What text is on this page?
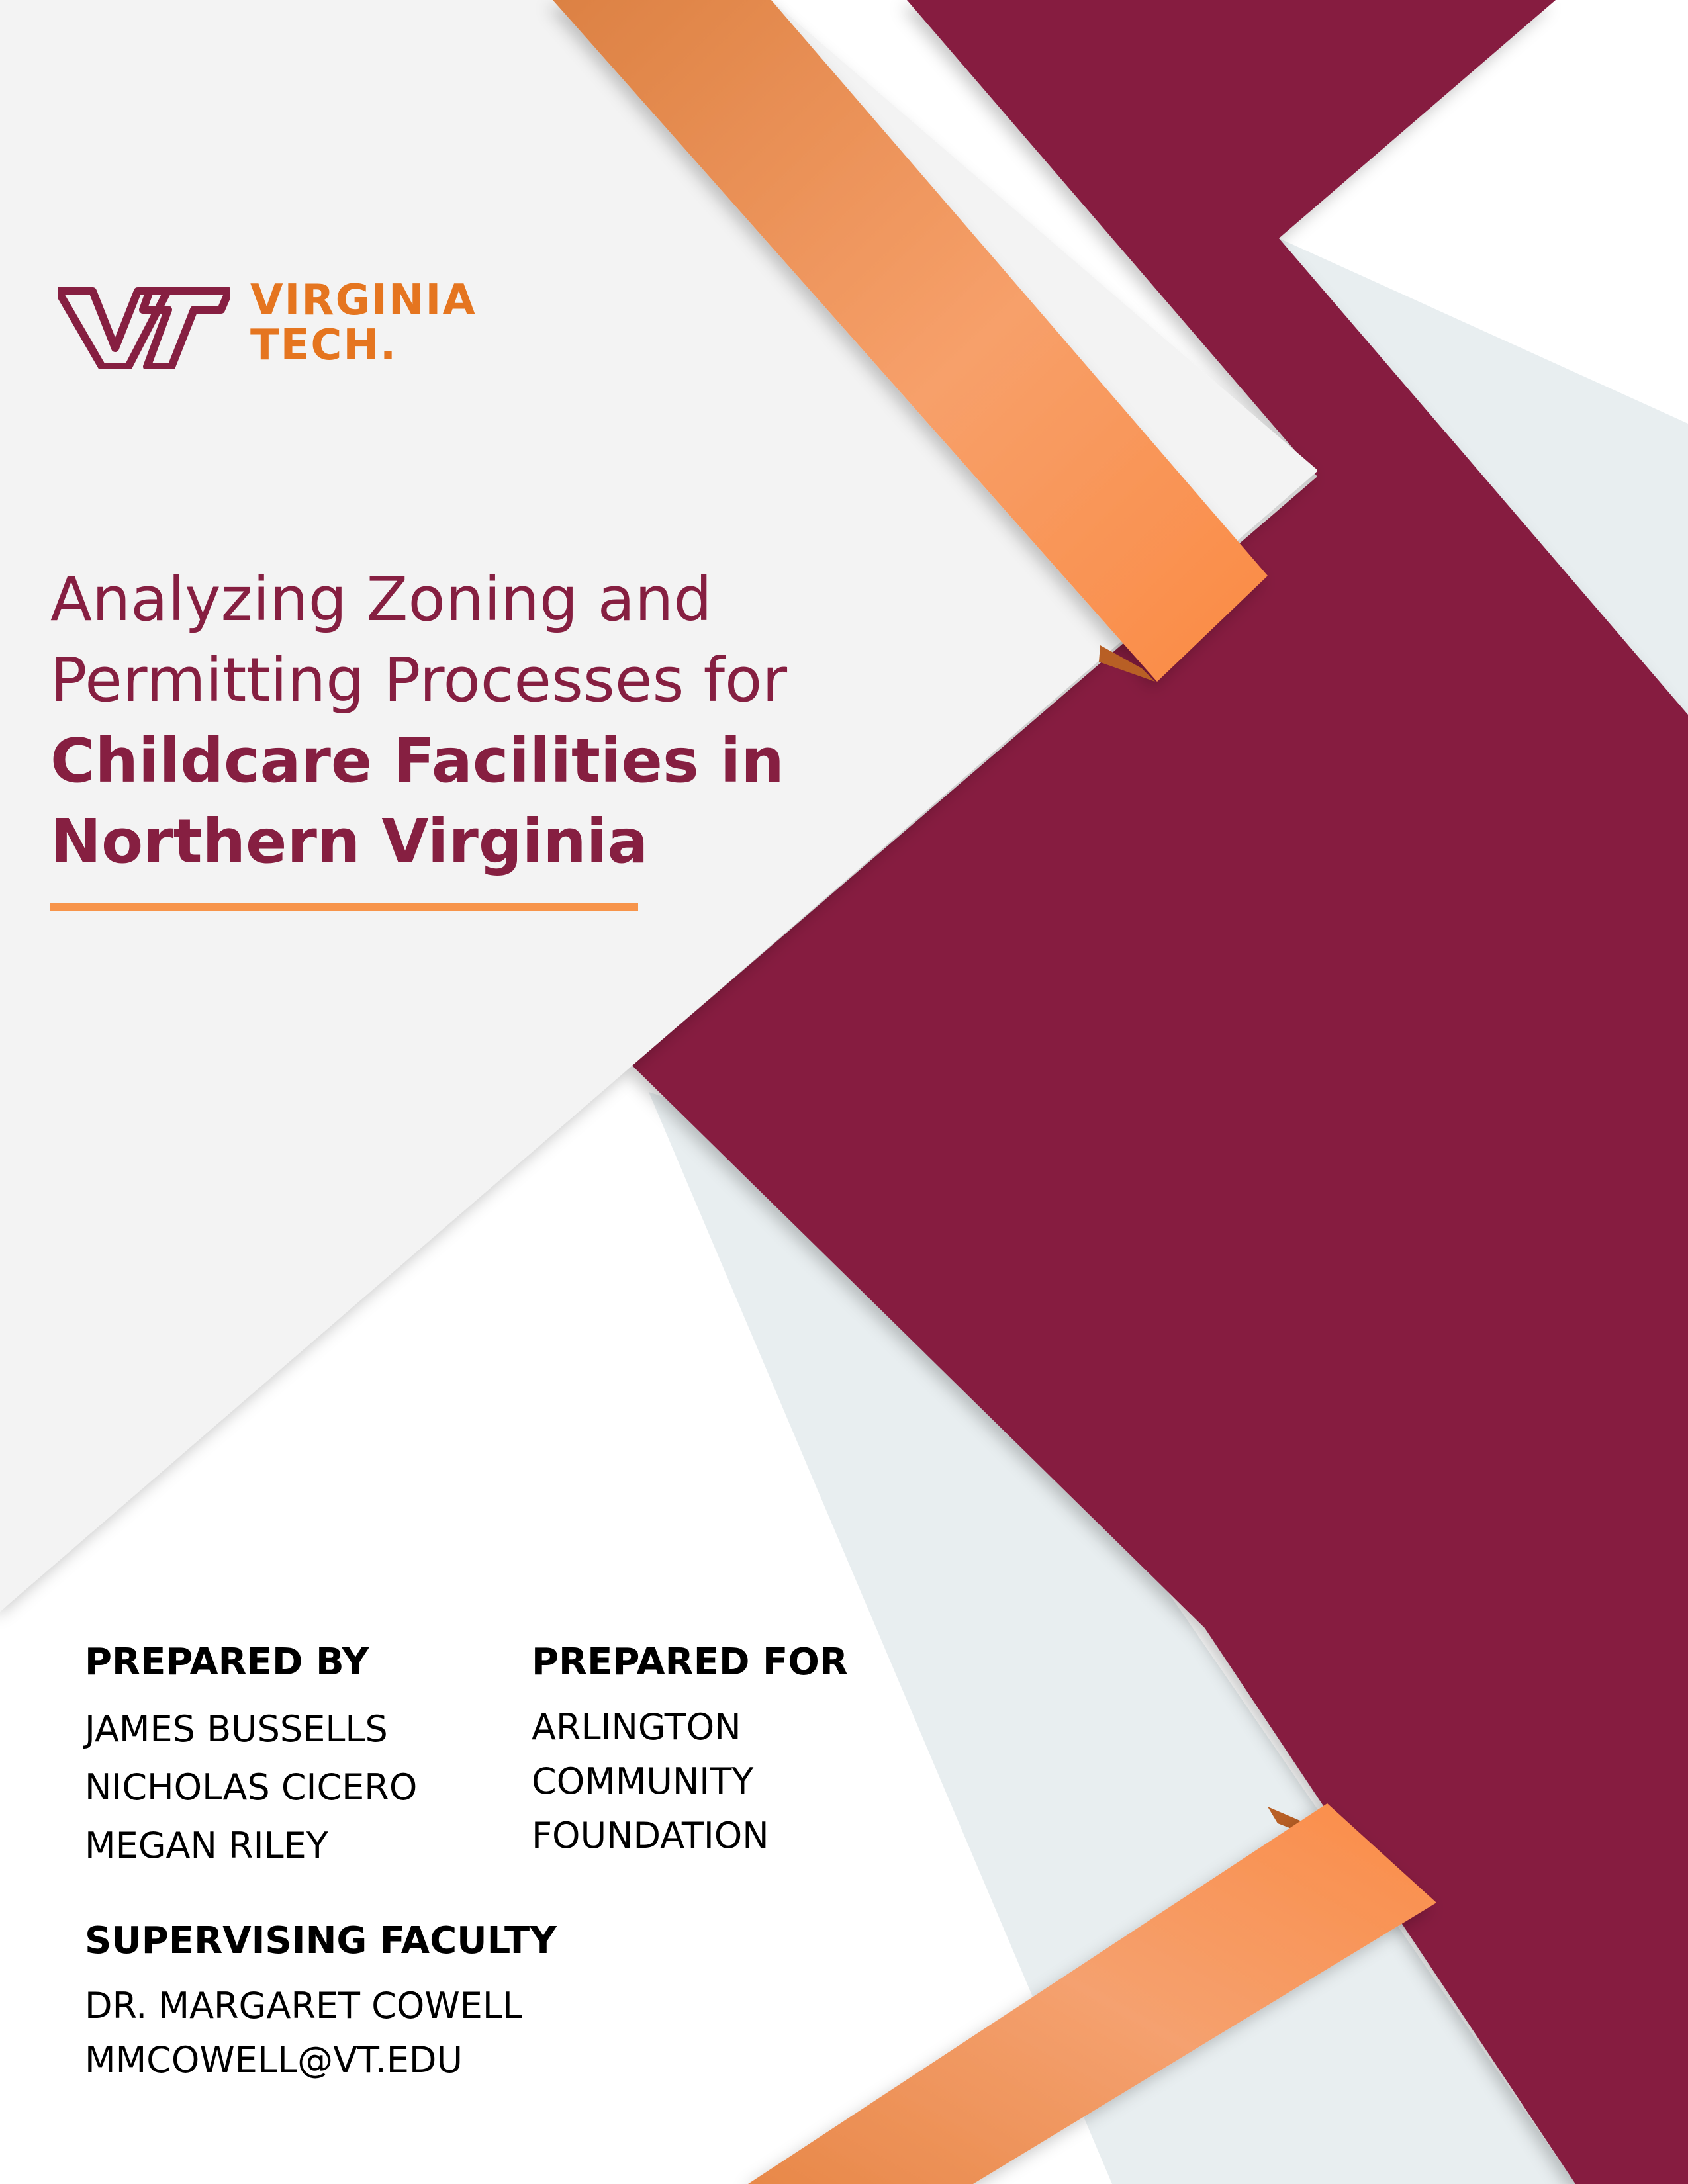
VIRGINIA
TECH.
Analyzing Zoning and
Permitting Processes for
Childcare Facilities in
Northern Virginia
PREPARED BY
JAMES BUSSELLS
NICHOLAS CICERO
MEGAN RILEY
PREPARED FOR
ARLINGTON
COMMUNITY
FOUNDATION
SUPERVISING FACULTY
DR. MARGARET COWELL
MMCOWELL@VT.EDU
